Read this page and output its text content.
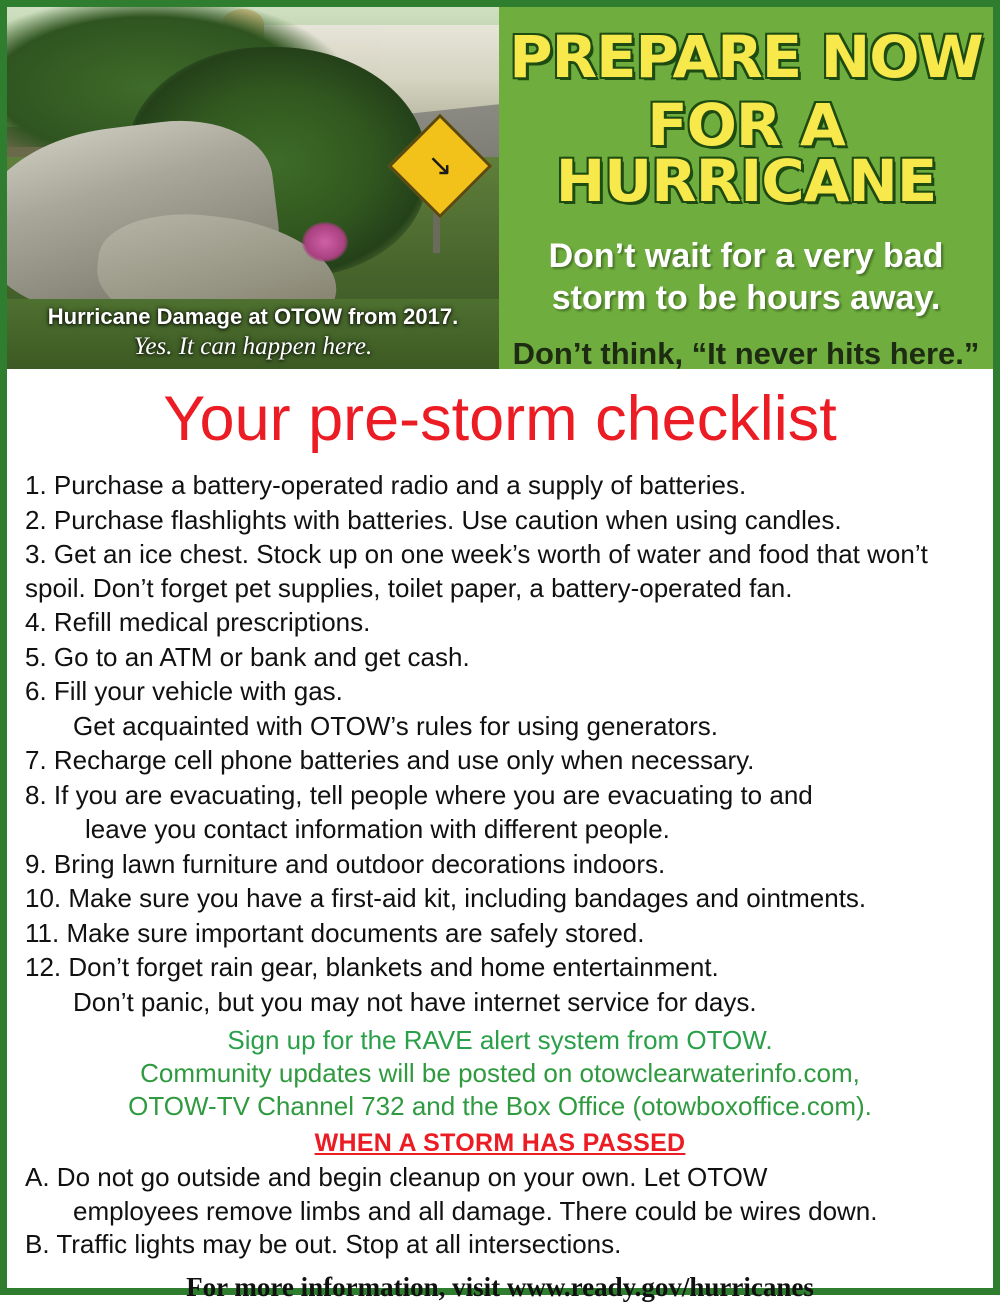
↘
Hurricane Damage at OTOW from 2017.
Yes. It can happen here.
PREPARE NOW
FOR A HURRICANE
Don’t wait for a very bad storm to be hours away.
Don’t think, “It never hits here.”
Your pre-storm checklist
1. Purchase a battery-operated radio and a supply of batteries.
2. Purchase flashlights with batteries. Use caution when using candles.
3. Get an ice chest. Stock up on one week’s worth of water and food that won’t spoil. Don’t forget pet supplies, toilet paper, a battery-operated fan.
4. Refill medical prescriptions.
5. Go to an ATM or bank and get cash.
6. Fill your vehicle with gas.
Get acquainted with OTOW’s rules for using generators.
7. Recharge cell phone batteries and use only when necessary.
8. If you are evacuating, tell people where you are evacuating to and
leave you contact information with different people.
9. Bring lawn furniture and outdoor decorations indoors.
10. Make sure you have a first-aid kit, including bandages and ointments.
11. Make sure important documents are safely stored.
12. Don’t forget rain gear, blankets and home entertainment.
Don’t panic, but you may not have internet service for days.
Sign up for the RAVE alert system from OTOW.
Community updates will be posted on otowclearwaterinfo.com,
OTOW-TV Channel 732 and the Box Office (otowboxoffice.com).
WHEN A STORM HAS PASSED
A. Do not go outside and begin cleanup on your own. Let OTOW
employees remove limbs and all damage. There could be wires down.
B. Traffic lights may be out. Stop at all intersections.
For more information, visit www.ready.gov/hurricanes
